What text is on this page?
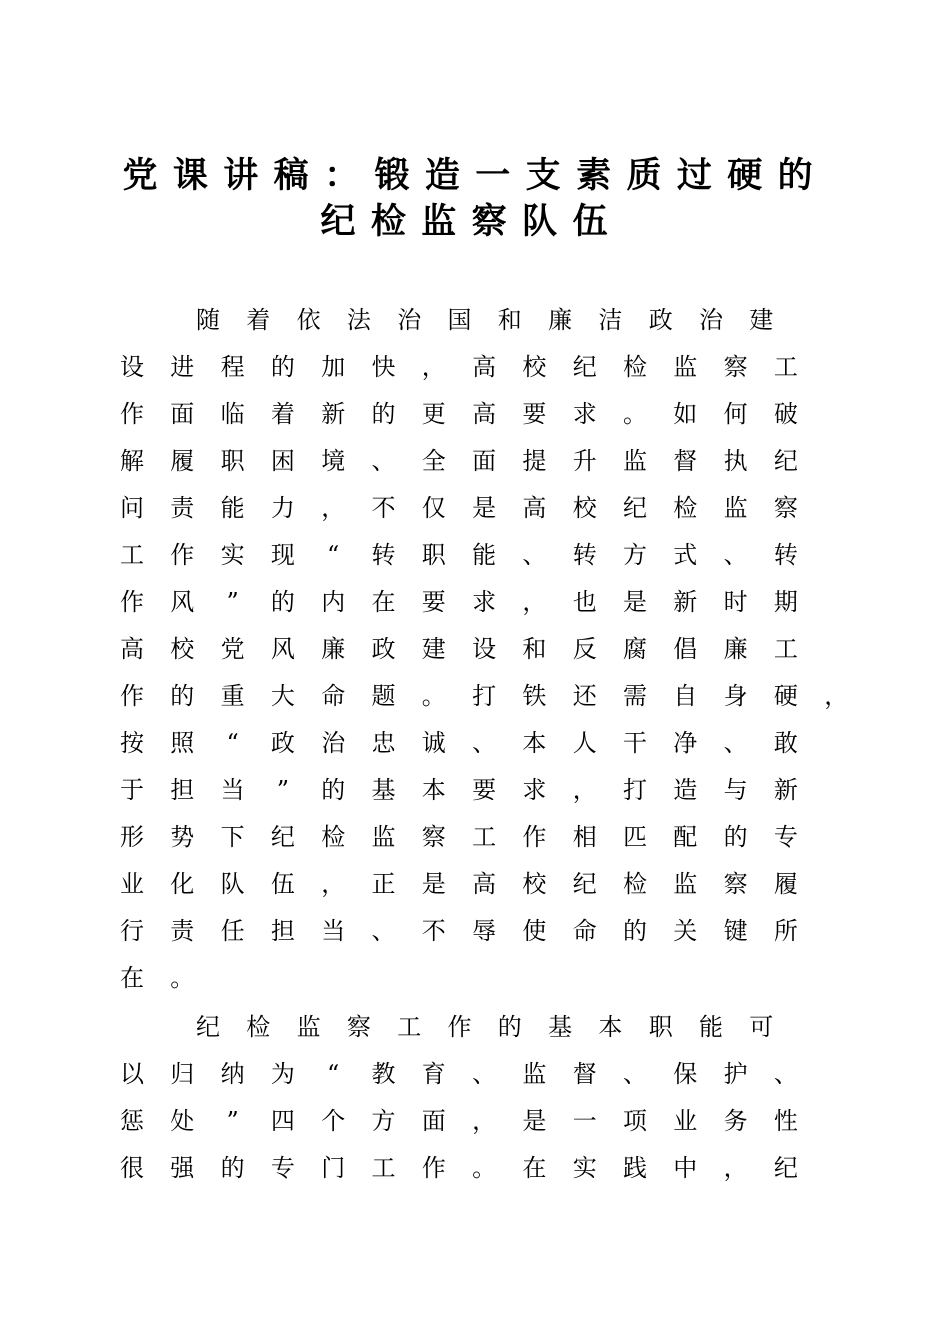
党 课 讲 稿 ： 锻 造 一 支 素 质 过 硬 的
纪 检 监 察 队 伍
随 着 依 法 治 国 和 廉 洁 政 治 建
设 进 程 的 加 快 ， 高 校 纪 检 监 察 工
作 面 临 着 新 的 更 高 要 求 。 如 何 破
解 履 职 困 境 、 全 面 提 升 监 督 执 纪
问 责 能 力 ， 不 仅 是 高 校 纪 检 监 察
工 作 实 现	“	转 职 能 、 转 方 式 、 转
作 风	”	的 内 在 要 求 ， 也 是 新 时 期
高 校 党 风 廉 政 建 设 和 反 腐 倡 廉 工
作 的 重 大 命 题 。 打 铁 还 需 自 身 硬 ，
按 照	“	政 治 忠 诚 、 本 人 干 净 、 敢
于 担 当	”	的 基 本 要 求 ， 打 造 与 新
形 势 下 纪 检 监 察 工 作 相 匹 配 的 专
业 化 队 伍 ， 正 是 高 校 纪 检 监 察 履
行 责 任 担 当 、 不 辱 使 命 的 关 键 所
在 。
纪 检 监 察 工 作 的 基 本 职 能 可
以 归 纳 为	“	教 育 、 监 督 、 保 护 、
惩 处	”	四 个 方 面 ， 是 一 项 业 务 性
很 强 的 专 门 工 作 。 在 实 践 中 ， 纪
